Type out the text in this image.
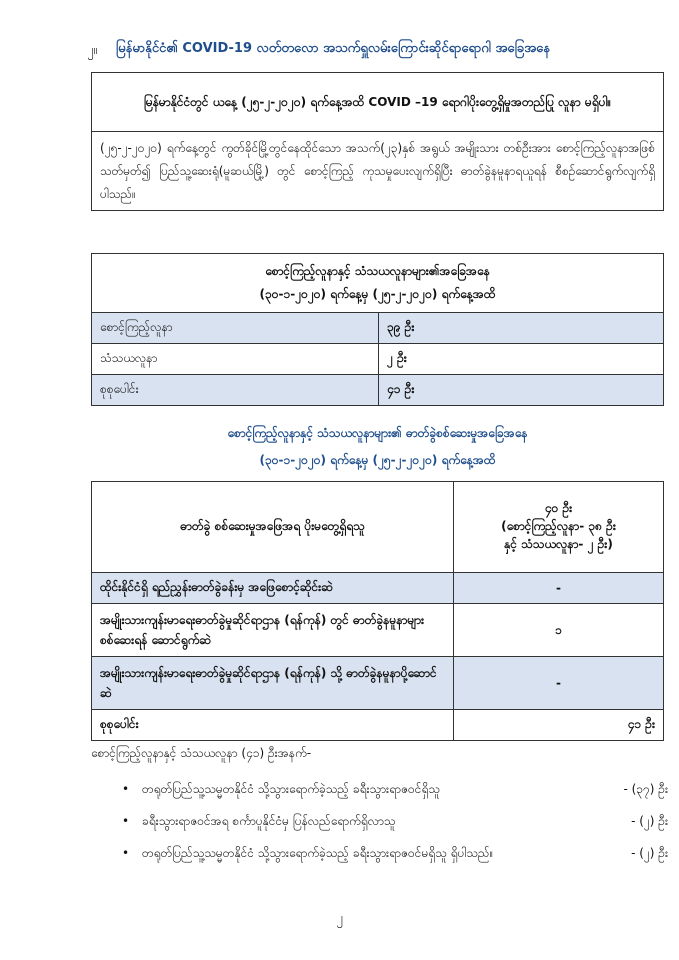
၂။ မြန်မာနိုင်ငံ၏ COVID-19 လတ်တလော အသက်ရှူလမ်းကြောင်းဆိုင်ရာရောဂါ အခြေအနေ
မြန်မာနိုင်ငံတွင် ယနေ့ (၂၅-၂-၂၀၂၀) ရက်နေ့အထိ COVID –19 ရောဂါပိုးတွေ့ရှိမှုအတည်ပြု လူနာ မရှိပါ။
(၂၅-၂-၂၀၂၀) ရက်နေ့တွင် ကွတ်ခိုင်မြို့တွင်နေထိုင်သော အသက်(၂၃)နှစ် အရွယ် အမျိုးသား တစ်ဦးအား စောင့်ကြည့်လူနာအဖြစ်သတ်မှတ်၍ ပြည်သူ့ဆေးရုံ(မူဆယ်မြို့) တွင် စောင့်ကြည့် ကုသမှုပေးလျက်ရှိပြီး ဓာတ်ခွဲနမူနာရယူရန် စီစဉ်ဆောင်ရွက်လျက်ရှိပါသည်။
စောင့်ကြည့်လူနာနှင့် သံသယလူနာများ၏အခြေအနေ
(၃၀-၁-၂၀၂၀) ရက်နေ့မှ (၂၅-၂-၂၀၂၀) ရက်နေ့အထိ	

စောင့်ကြည့်လူနာ	၃၉ ဦး
သံသယလူနာ	၂ ဦး
စုစုပေါင်း	၄၁ ဦး
စောင့်ကြည့်လူနာနှင့် သံသယလူနာများ၏ ဓာတ်ခွဲစစ်ဆေးမှုအခြေအနေ
(၃၀-၁-၂၀၂၀) ရက်နေ့မှ (၂၅-၂-၂၀၂၀) ရက်နေ့အထိ
ဓာတ်ခွဲ စစ်ဆေးမှုအဖြေအရ ပိုးမတွေ့ရှိရသူ	၄၀ ဦး
(စောင့်ကြည့်လူနာ- ၃၈ ဦး
နှင့် သံသယလူနာ- ၂ ဦး)

ထိုင်းနိုင်ငံရှိ ရည်ညွှန်းဓာတ်ခွဲခန်းမှ အဖြေစောင့်ဆိုင်းဆဲ	-
အမျိုးသားကျန်းမာရေးဓာတ်ခွဲမှုဆိုင်ရာဌာန (ရန်ကုန်) တွင် ဓာတ်ခွဲနမူနာများစစ်ဆေးရန် ဆောင်ရွက်ဆဲ	၁
အမျိုးသားကျန်းမာရေးဓာတ်ခွဲမှုဆိုင်ရာဌာန (ရန်ကုန်) သို့ ဓာတ်ခွဲနမူနာပို့ဆောင်ဆဲ	-
စုစုပေါင်း	၄၁ ဦး
စောင့်ကြည့်လူနာနှင့် သံသယလူနာ (၄၁) ဦးအနက်-
• တရုတ်ပြည်သူ့သမ္မတနိုင်ငံ သို့သွားရောက်ခဲ့သည့် ခရီးသွားရာဇဝင်ရှိသူ	- (၃၇) ဦး
• ခရီးသွားရာဇဝင်အရ စင်္ကာပူနိုင်ငံမှ ပြန်လည်ရောက်ရှိလာသူ	- (၂) ဦး
• တရုတ်ပြည်သူ့သမ္မတနိုင်ငံ သို့သွားရောက်ခဲ့သည့် ခရီးသွားရာဇဝင်မရှိသူ ရှိပါသည်။	- (၂) ဦး
၂
